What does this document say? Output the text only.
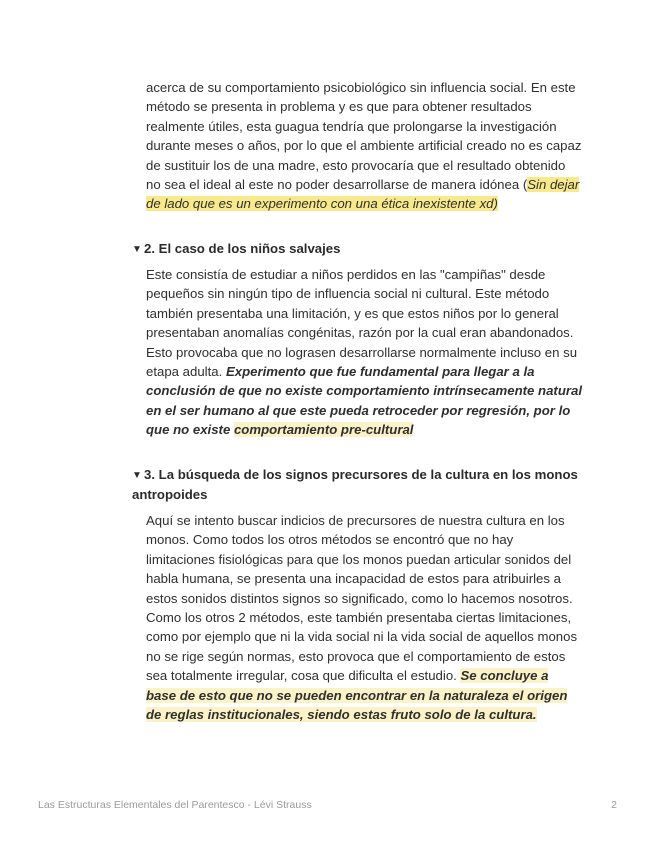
acerca de su comportamiento psicobiológico sin influencia social. En este método se presenta in problema y es que para obtener resultados realmente útiles, esta guagua tendría que prolongarse la investigación durante meses o años, por lo que el ambiente artificial creado no es capaz de sustituir los de una madre, esto provocaría que el resultado obtenido no sea el ideal al este no poder desarrollarse de manera idónea (Sin dejar de lado que es un experimento con una ética inexistente xd)

▼ 2. El caso de los niños salvajes

Este consistía de estudiar a niños perdidos en las "campiñas" desde pequeños sin ningún tipo de influencia social ni cultural. Este método también presentaba una limitación, y es que estos niños por lo general presentaban anomalías congénitas, razón por la cual eran abandonados. Esto provocaba que no lograsen desarrollarse normalmente incluso en su etapa adulta. Experimento que fue fundamental para llegar a la conclusión de que no existe comportamiento intrínsecamente natural en el ser humano al que este pueda retroceder por regresión, por lo que no existe comportamiento pre-cultural

▼ 3. La búsqueda de los signos precursores de la cultura en los monos antropoides

Aquí se intento buscar indicios de precursores de nuestra cultura en los monos. Como todos los otros métodos se encontró que no hay limitaciones fisiológicas para que los monos puedan articular sonidos del habla humana, se presenta una incapacidad de estos para atribuirles a estos sonidos distintos signos so significado, como lo hacemos nosotros. Como los otros 2 métodos, este también presentaba ciertas limitaciones, como por ejemplo que ni la vida social ni la vida social de aquellos monos no se rige según normas, esto provoca que el comportamiento de estos sea totalmente irregular, cosa que dificulta el estudio. Se concluye a base de esto que no se pueden encontrar en la naturaleza el origen de reglas institucionales, siendo estas fruto solo de la cultura.

Las Estructuras Elementales del Parentesco - Lévi Strauss	2
